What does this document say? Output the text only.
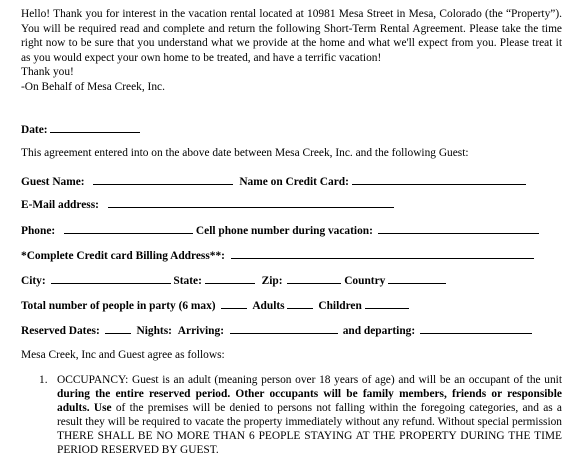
Hello! Thank you for interest in the vacation rental located at 10981 Mesa Street in Mesa, Colorado (the “Property”). You will be required read and complete and return the following Short-Term Rental Agreement. Please take the time right now to be sure that you understand what we provide at the home and what we'll expect from you. Please treat it as you would expect your own home to be treated, and have a terrific vacation!

Thank you!

-On Behalf of Mesa Creek, Inc.

Date:
This agreement entered into on the above date between Mesa Creek, Inc. and the following Guest:
Guest Name:	Name on Credit Card:
E-Mail address:
Phone:	Cell phone number during vacation:
*Complete Credit card Billing Address**:
City:	State:	Zip:	Country
Total number of people in party (6 max)	Adults	Children
Reserved Dates:	Nights: Arriving:	and departing:
Mesa Creek, Inc and Guest agree as follows:
1. OCCUPANCY: Guest is an adult (meaning person over 18 years of age) and will be an occupant of the unit during the entire reserved period. Other occupants will be family members, friends or responsible adults. Use of the premises will be denied to persons not falling within the foregoing categories, and as a result they will be required to vacate the property immediately without any refund. Without special permission THERE SHALL BE NO MORE THAN 6 PEOPLE STAYING AT THE PROPERTY DURING THE TIME PERIOD RESERVED BY GUEST.
